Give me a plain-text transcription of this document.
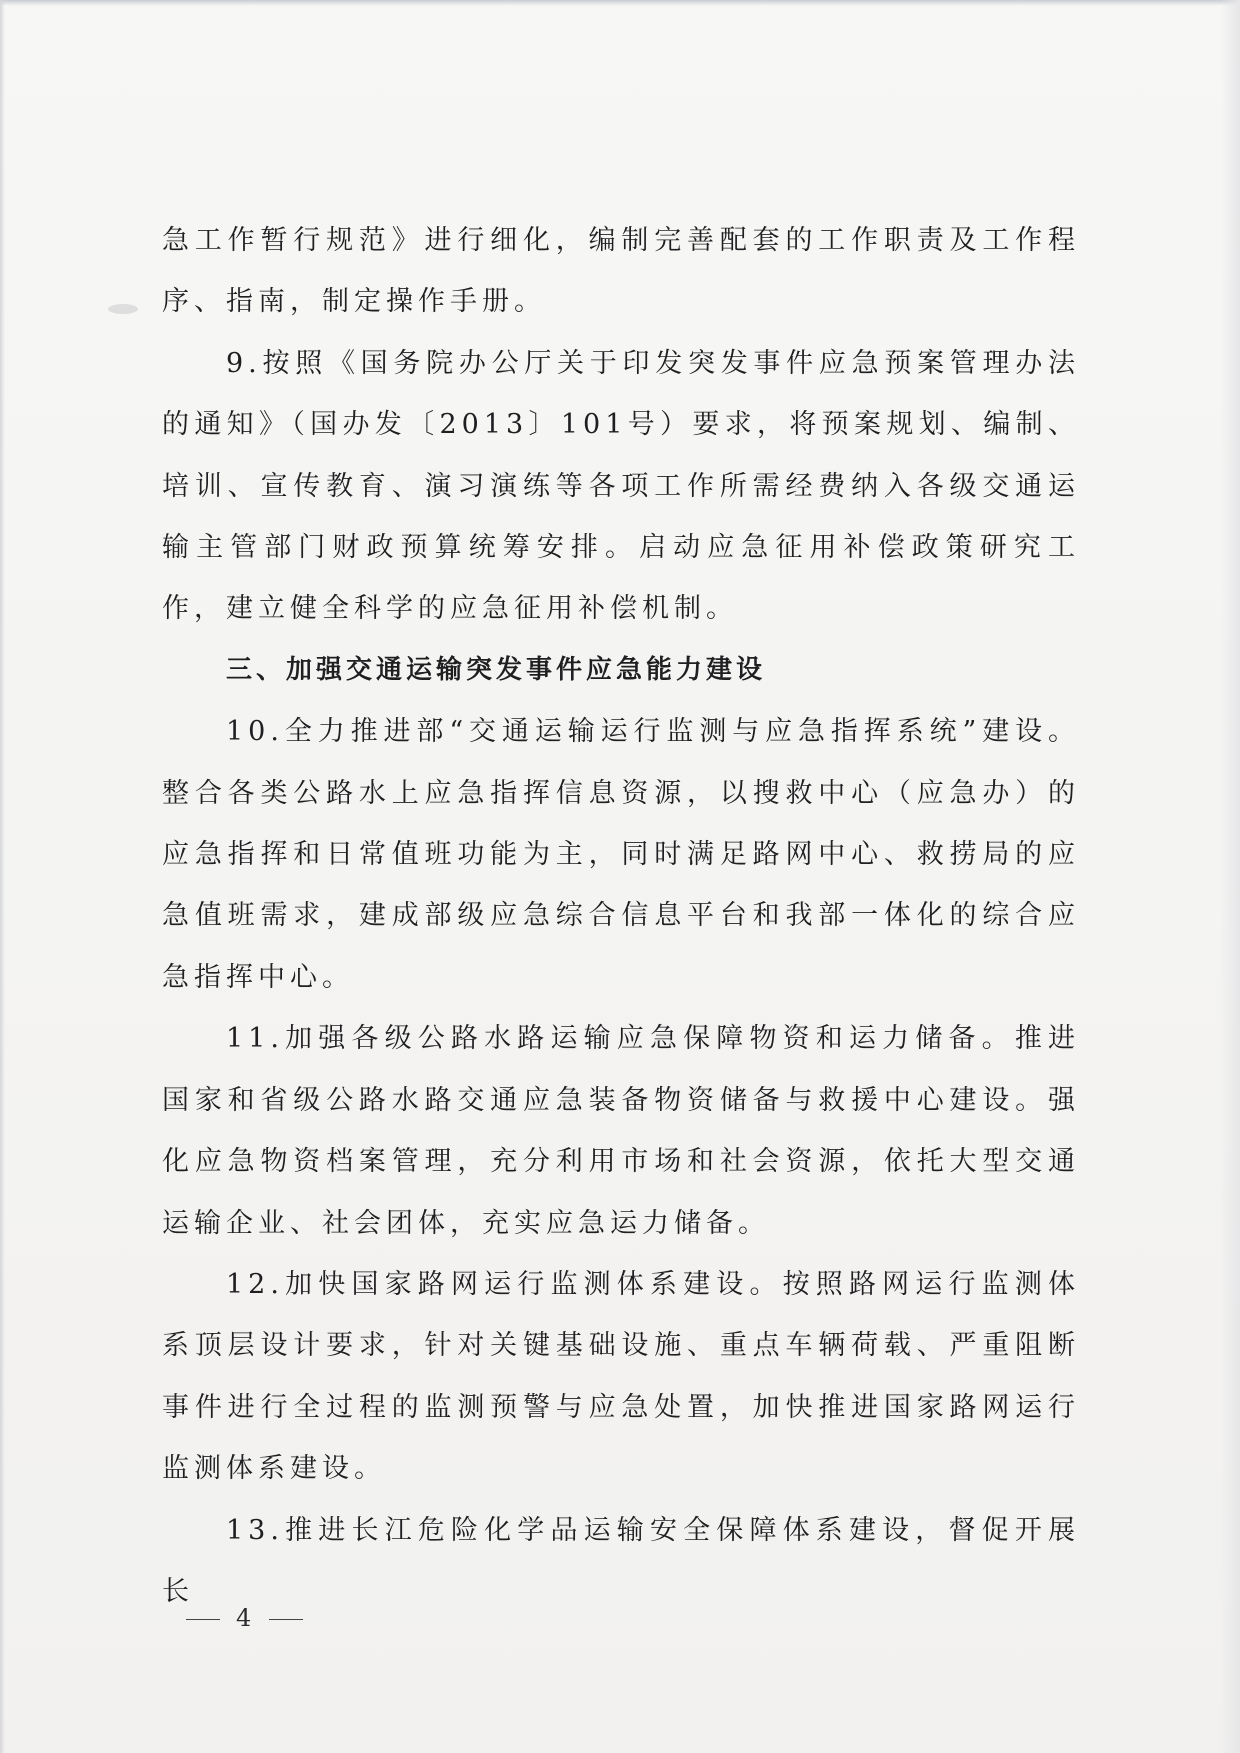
急工作暂行规范》进行细化，编制完善配套的工作职责及工作程序、指南，制定操作手册。

9.按照《国务院办公厅关于印发突发事件应急预案管理办法的通知》（国办发〔2013〕101号）要求，将预案规划、编制、培训、宣传教育、演习演练等各项工作所需经费纳入各级交通运输主管部门财政预算统筹安排。启动应急征用补偿政策研究工作，建立健全科学的应急征用补偿机制。

三、加强交通运输突发事件应急能力建设

10.全力推进部“交通运输运行监测与应急指挥系统”建设。整合各类公路水上应急指挥信息资源，以搜救中心（应急办）的应急指挥和日常值班功能为主，同时满足路网中心、救捞局的应急值班需求，建成部级应急综合信息平台和我部一体化的综合应急指挥中心。

11.加强各级公路水路运输应急保障物资和运力储备。推进国家和省级公路水路交通应急装备物资储备与救援中心建设。强化应急物资档案管理，充分利用市场和社会资源，依托大型交通运输企业、社会团体，充实应急运力储备。

12.加快国家路网运行监测体系建设。按照路网运行监测体系顶层设计要求，针对关键基础设施、重点车辆荷载、严重阻断事件进行全过程的监测预警与应急处置，加快推进国家路网运行监测体系建设。

13.推进长江危险化学品运输安全保障体系建设，督促开展长

4
